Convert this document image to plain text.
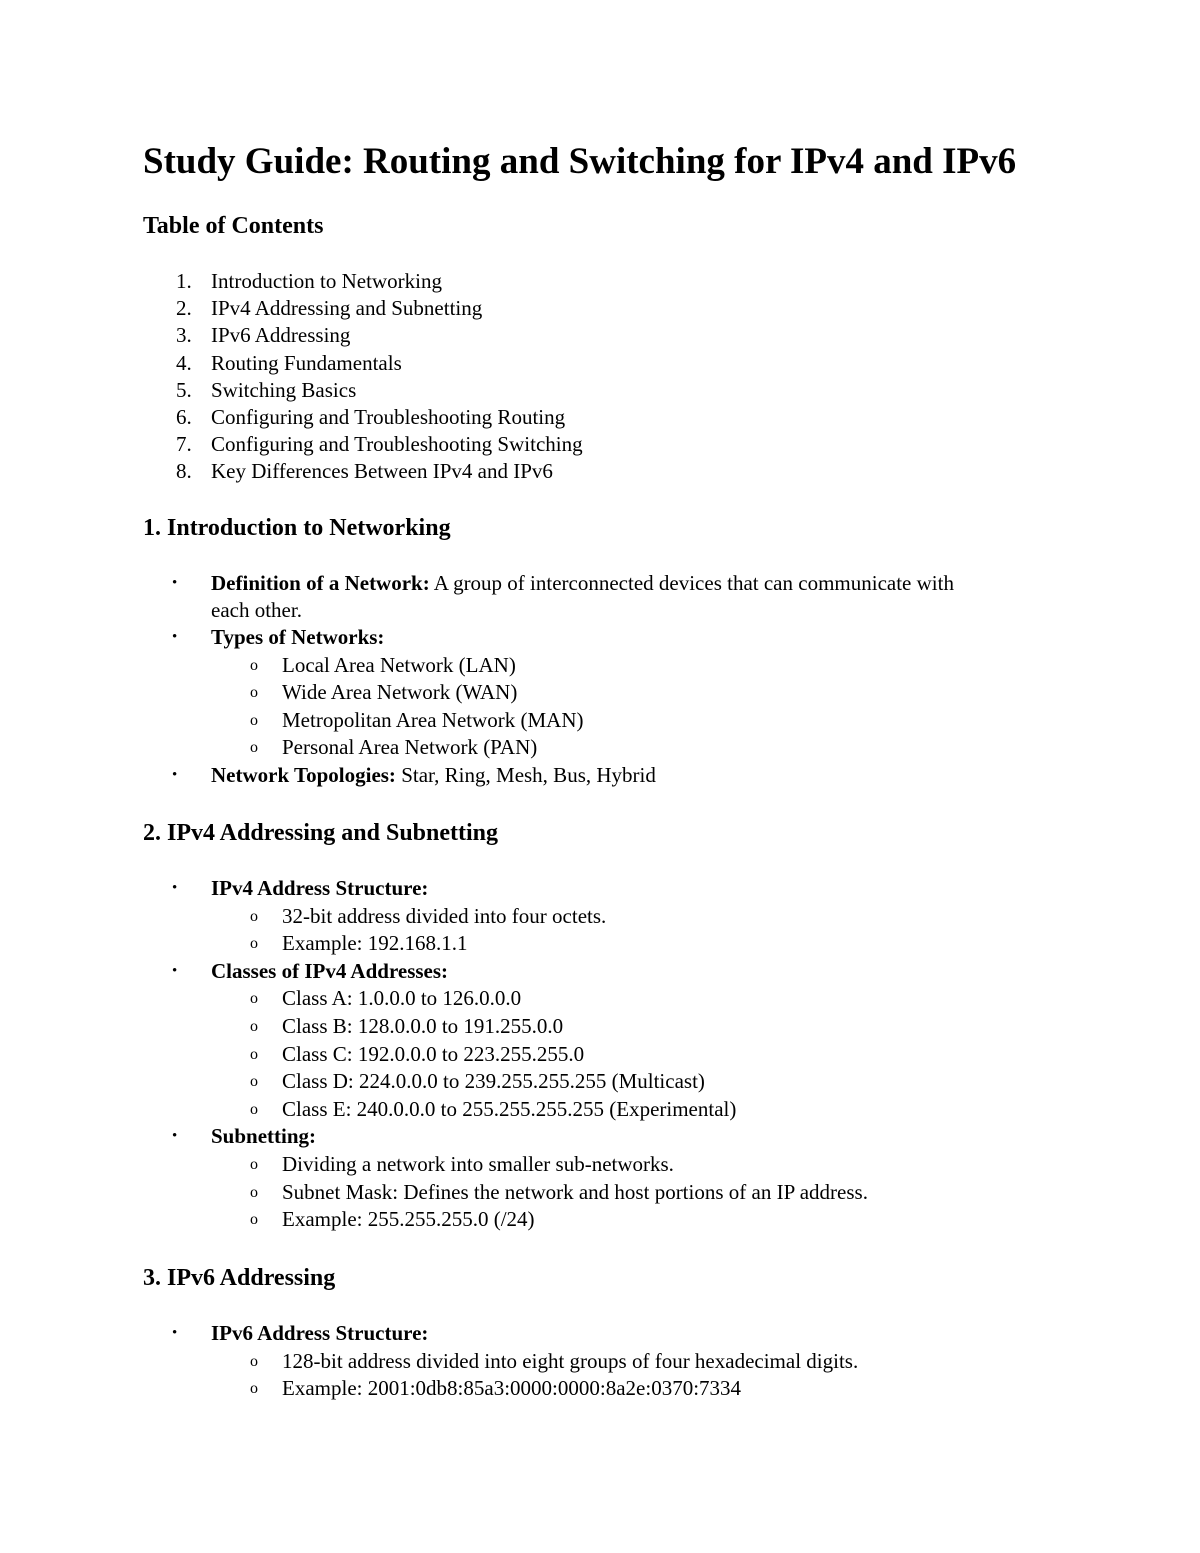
Study Guide: Routing and Switching for IPv4 and IPv6
Table of Contents
1. Introduction to Networking
2. IPv4 Addressing and Subnetting
3. IPv6 Addressing
4. Routing Fundamentals
5. Switching Basics
6. Configuring and Troubleshooting Routing
7. Configuring and Troubleshooting Switching
8. Key Differences Between IPv4 and IPv6
1. Introduction to Networking
• Definition of a Network: A group of interconnected devices that can communicate with
each other.
• Types of Networks:
o Local Area Network (LAN)
o Wide Area Network (WAN)
o Metropolitan Area Network (MAN)
o Personal Area Network (PAN)
• Network Topologies: Star, Ring, Mesh, Bus, Hybrid
2. IPv4 Addressing and Subnetting
• IPv4 Address Structure:
o 32-bit address divided into four octets.
o Example: 192.168.1.1
• Classes of IPv4 Addresses:
o Class A: 1.0.0.0 to 126.0.0.0
o Class B: 128.0.0.0 to 191.255.0.0
o Class C: 192.0.0.0 to 223.255.255.0
o Class D: 224.0.0.0 to 239.255.255.255 (Multicast)
o Class E: 240.0.0.0 to 255.255.255.255 (Experimental)
• Subnetting:
o Dividing a network into smaller sub-networks.
o Subnet Mask: Defines the network and host portions of an IP address.
o Example: 255.255.255.0 (/24)
3. IPv6 Addressing
• IPv6 Address Structure:
o 128-bit address divided into eight groups of four hexadecimal digits.
o Example: 2001:0db8:85a3:0000:0000:8a2e:0370:7334
